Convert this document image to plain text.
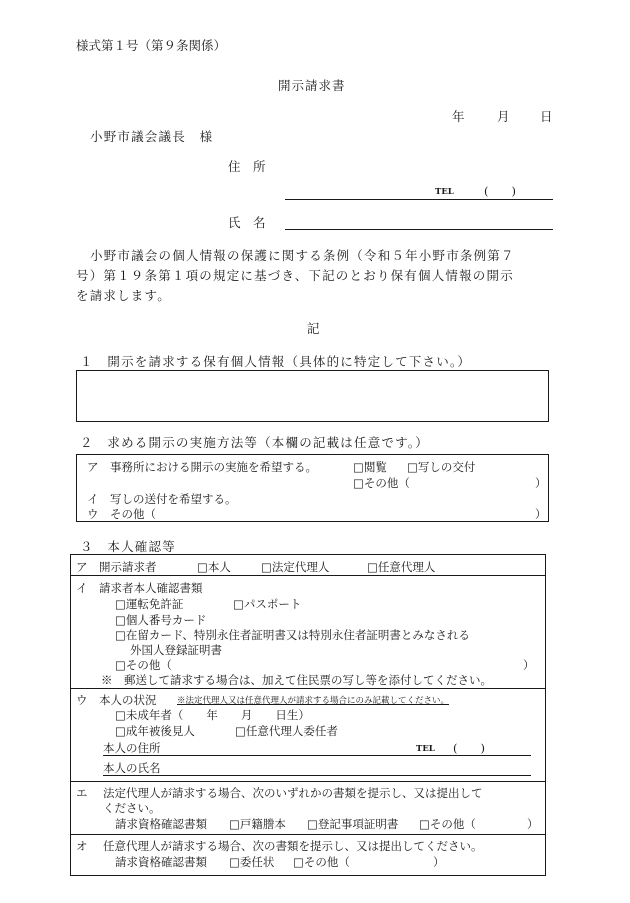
様式第１号（第９条関係）
開示請求書
年	月 日
小野市議会議長　様
住　所
TEL	(　　)
氏　名
小野市議会の個人情報の保護に関する条例（令和５年小野市条例第７
号）第１９条第１項の規定に基づき、下記のとおり保有個人情報の開示
を請求します。
記
１　開示を請求する保有個人情報（具体的に特定して下さい。）
２　求める開示の実施方法等（本欄の記載は任意です。）
ア　事務所における開示の実施を希望する。	□閲覧 □写しの交付
□その他（	）
イ　写しの送付を希望する。
ウ　その他（	）
３　本人確認等
ア　開示請求者	□本人	□法定代理人	□任意代理人
イ　請求者本人確認書類
□運転免許証	□パスポート
□個人番号カード
□在留カード、特別永住者証明書又は特別永住者証明書とみなされる
外国人登録証明書
□その他（	）
※　郵送して請求する場合は、加えて住民票の写し等を添付してください。
ウ　本人の状況 ※法定代理人又は任意代理人が請求する場合にのみ記載してください。
□未成年者（　　年　　月　　日生）
□成年被後見人	□任意代理人委任者
本人の住所	TEL (　　)
本人の氏名
エ 法定代理人が請求する場合、次のいずれかの書類を提示し、又は提出して
ください。
請求資格確認書類 □戸籍謄本 □登記事項証明書 □その他（	）
オ 任意代理人が請求する場合、次の書類を提示し、又は提出してください。
請求資格確認書類 □委任状 □その他（	）
